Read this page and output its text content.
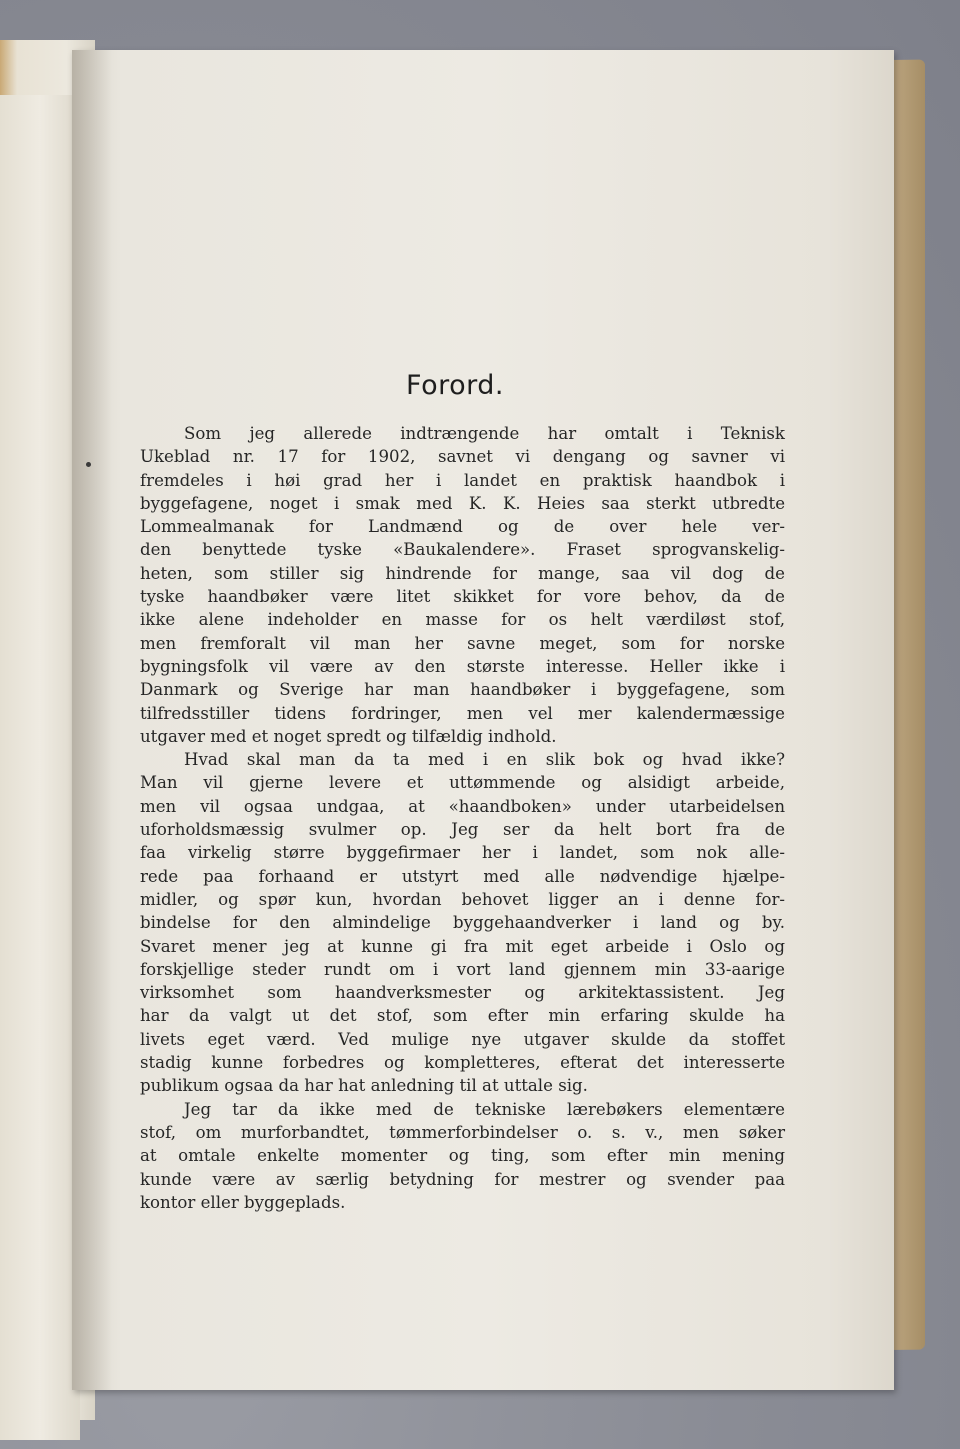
Forord.

Som jeg allerede indtrængende har omtalt i Teknisk
Ukeblad nr. 17 for 1902, savnet vi dengang og savner vi
fremdeles i høi grad her i landet en praktisk haandbok i
byggefagene, noget i smak med K. K. Heies saa sterkt utbredte
Lommealmanak for Landmænd og de over hele ver-
den benyttede tyske «Baukalendere». Fraset sprogvanskelig-
heten, som stiller sig hindrende for mange, saa vil dog de
tyske haandbøker være litet skikket for vore behov, da de
ikke alene indeholder en masse for os helt værdiløst stof,
men fremforalt vil man her savne meget, som for norske
bygningsfolk vil være av den største interesse. Heller ikke i
Danmark og Sverige har man haandbøker i byggefagene, som
tilfredsstiller tidens fordringer, men vel mer kalendermæssige
utgaver med et noget spredt og tilfældig indhold.

Hvad skal man da ta med i en slik bok og hvad ikke?
Man vil gjerne levere et uttømmende og alsidigt arbeide,
men vil ogsaa undgaa, at «haandboken» under utarbeidelsen
uforholdsmæssig svulmer op. Jeg ser da helt bort fra de
faa virkelig større byggefirmaer her i landet, som nok alle-
rede paa forhaand er utstyrt med alle nødvendige hjælpe-
midler, og spør kun, hvordan behovet ligger an i denne for-
bindelse for den almindelige byggehaandverker i land og by.
Svaret mener jeg at kunne gi fra mit eget arbeide i Oslo og
forskjellige steder rundt om i vort land gjennem min 33-aarige
virksomhet som haandverksmester og arkitektassistent. Jeg
har da valgt ut det stof, som efter min erfaring skulde ha
livets eget værd. Ved mulige nye utgaver skulde da stoffet
stadig kunne forbedres og kompletteres, efterat det interesserte
publikum ogsaa da har hat anledning til at uttale sig.

Jeg tar da ikke med de tekniske lærebøkers elementære
stof, om murforbandtet, tømmerforbindelser o. s. v., men søker
at omtale enkelte momenter og ting, som efter min mening
kunde være av særlig betydning for mestrer og svender paa
kontor eller byggeplads.
